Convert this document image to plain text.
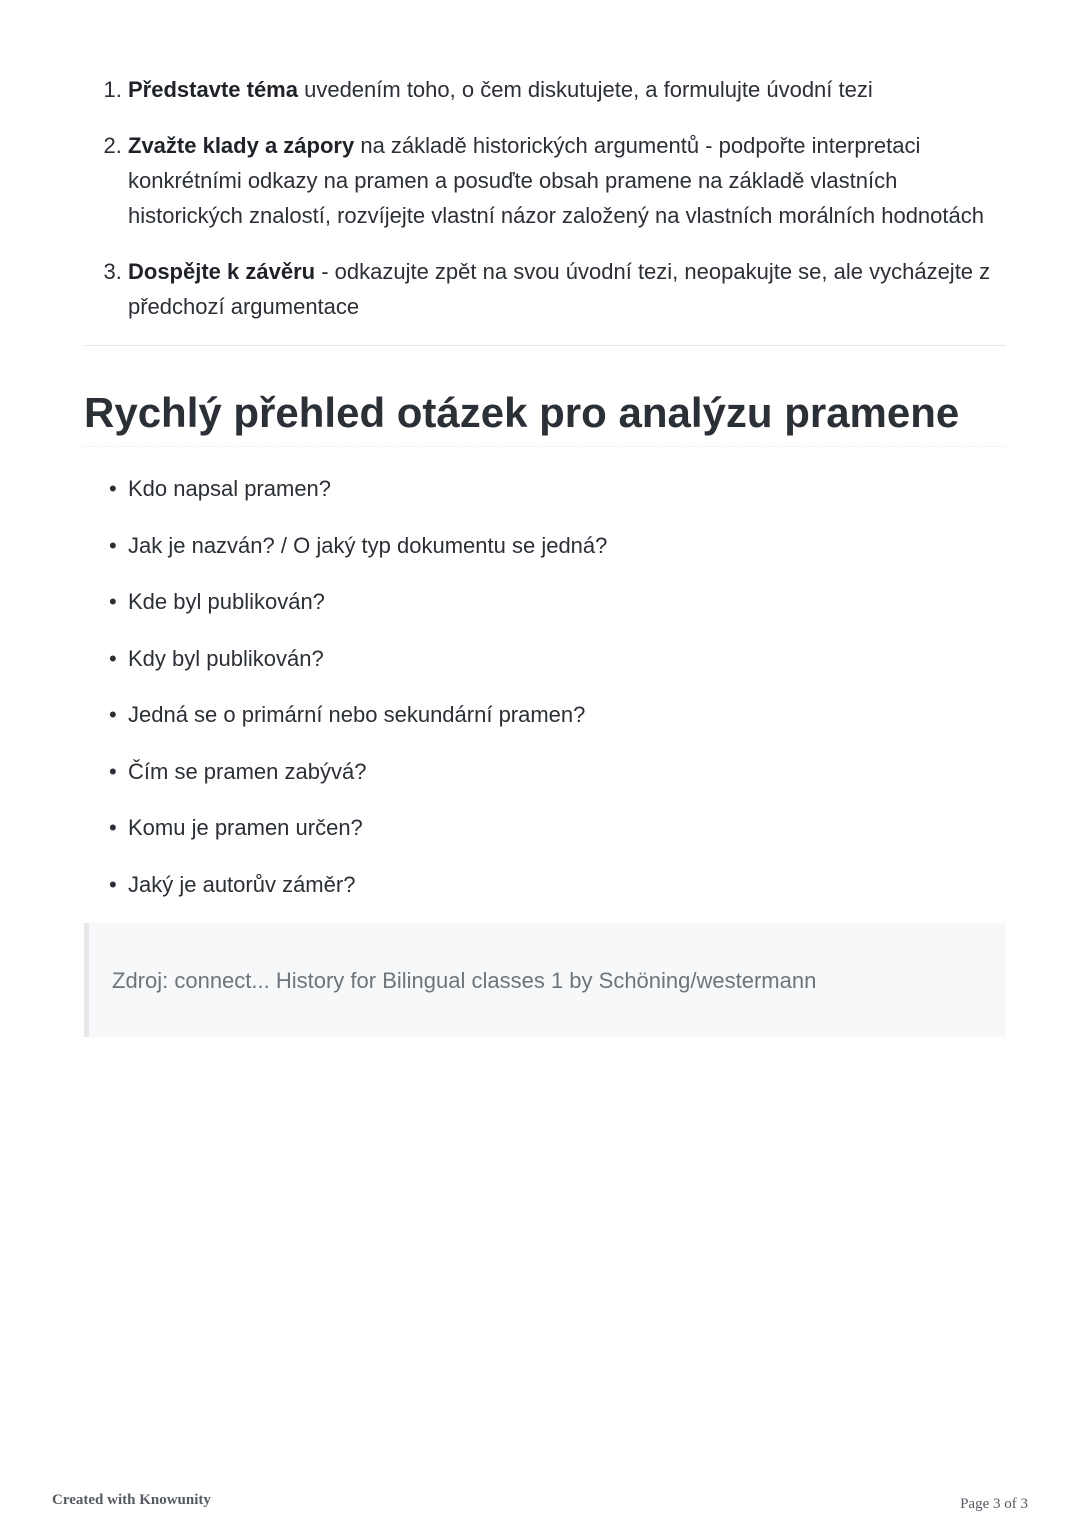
1. Představte téma uvedením toho, o čem diskutujete, a formulujte úvodní tezi
2. Zvažte klady a zápory na základě historických argumentů - podpořte interpretaci konkrétními odkazy na pramen a posuďte obsah pramene na základě vlastních historických znalostí, rozvíjejte vlastní názor založený na vlastních morálních hodnotách
3. Dospějte k závěru - odkazujte zpět na svou úvodní tezi, neopakujte se, ale vycházejte z předchozí argumentace
Rychlý přehled otázek pro analýzu pramene
• Kdo napsal pramen?
• Jak je nazván? / O jaký typ dokumentu se jedná?
• Kde byl publikován?
• Kdy byl publikován?
• Jedná se o primární nebo sekundární pramen?
• Čím se pramen zabývá?
• Komu je pramen určen?
• Jaký je autorův záměr?
Zdroj: connect... History for Bilingual classes 1 by Schöning/westermann
Created with Knowunity	Page 3 of 3
